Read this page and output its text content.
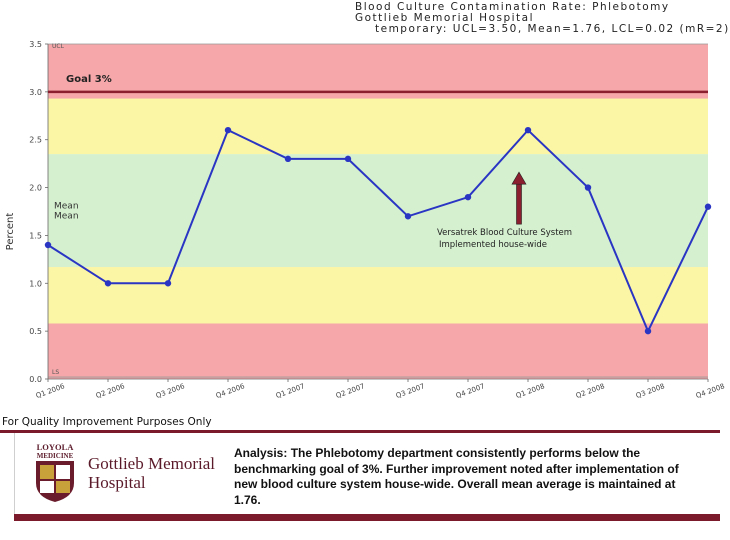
Blood Culture Contamination Rate: Phlebotomy
Gottlieb Memorial Hospital
temporary: UCL=3.50, Mean=1.76, LCL=0.02 (mR=2)
UCL
LS
0.0
0.5
1.0
1.5
2.0
2.5
3.0
3.5
Percent
Q1 2006	Q2 2006	Q3 2006	Q4 2006	Q1 2007	Q2 2007	Q3 2007	Q4 2007	Q1 2008	Q2 2008	Q3 2008	Q4 2008
Mean
Mean
Goal 3%
Versatrek Blood Culture System
Implemented house-wide
For Quality Improvement Purposes Only
LOYOLA
MEDICINE Gottlieb Memorial
Hospital
Analysis: The Phlebotomy department consistently performs below the benchmarking goal of 3%. Further improvement noted after implementation of new blood culture system house-wide. Overall mean average is maintained at 1.76.
